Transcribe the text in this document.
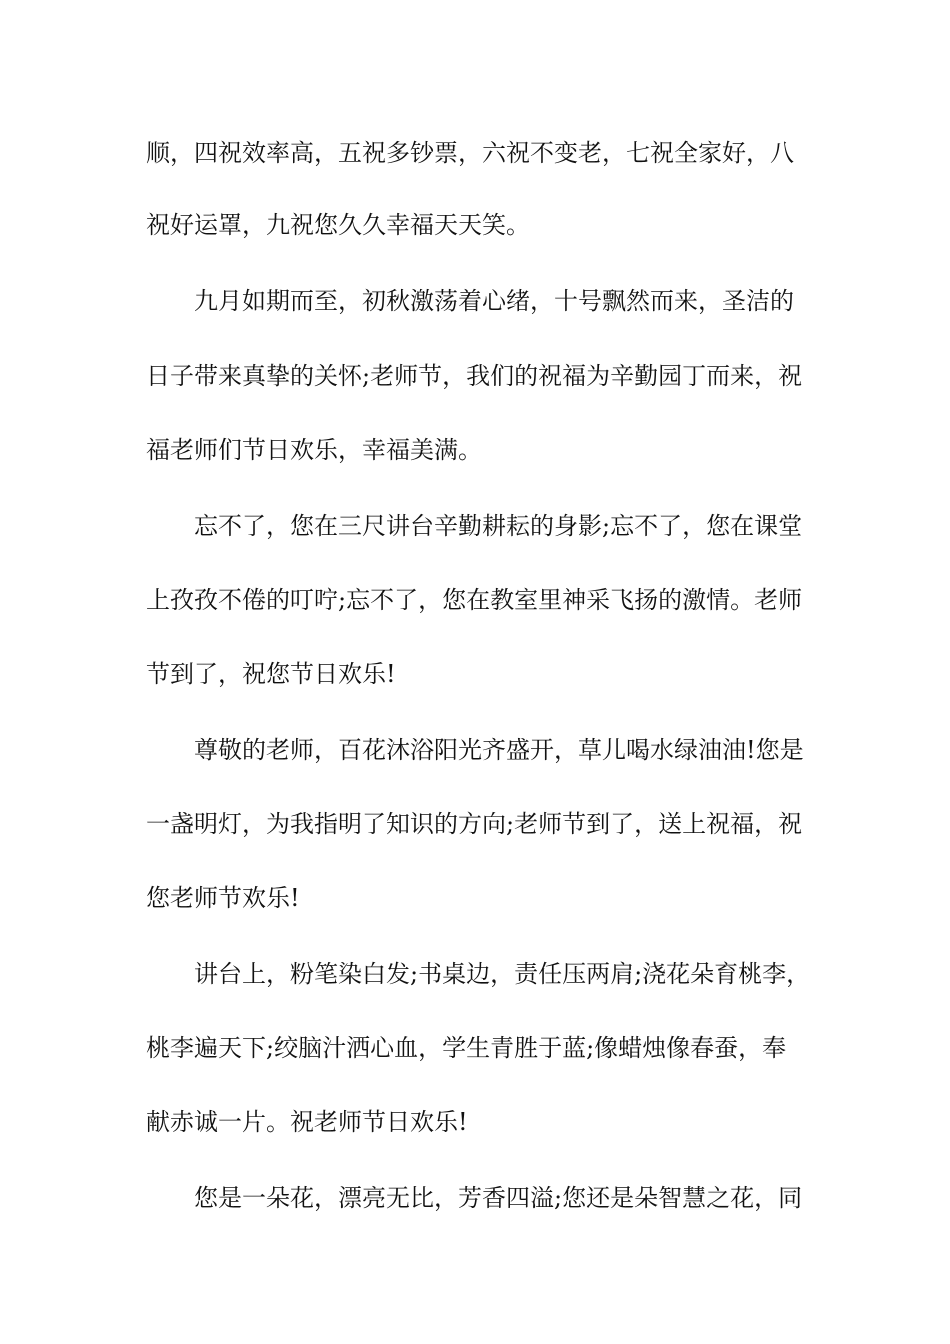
顺，四祝效率高，五祝多钞票，六祝不变老，七祝全家好，八
祝好运罩，九祝您久久幸福天天笑。
九月如期而至，初秋激荡着心绪，十号飘然而来，圣洁的
日子带来真挚的关怀;老师节，我们的祝福为辛勤园丁而来，祝
福老师们节日欢乐，幸福美满。
忘不了，您在三尺讲台辛勤耕耘的身影;忘不了，您在课堂
上孜孜不倦的叮咛;忘不了，您在教室里神采飞扬的激情。老师
节到了，祝您节日欢乐!
尊敬的老师，百花沐浴阳光齐盛开，草儿喝水绿油油!您是
一盏明灯，为我指明了知识的方向;老师节到了，送上祝福，祝
您老师节欢乐!
讲台上，粉笔染白发;书桌边，责任压两肩;浇花朵育桃李，
桃李遍天下;绞脑汁洒心血，学生青胜于蓝;像蜡烛像春蚕，奉
献赤诚一片。祝老师节日欢乐!
您是一朵花，漂亮无比，芳香四溢;您还是朵智慧之花，同
